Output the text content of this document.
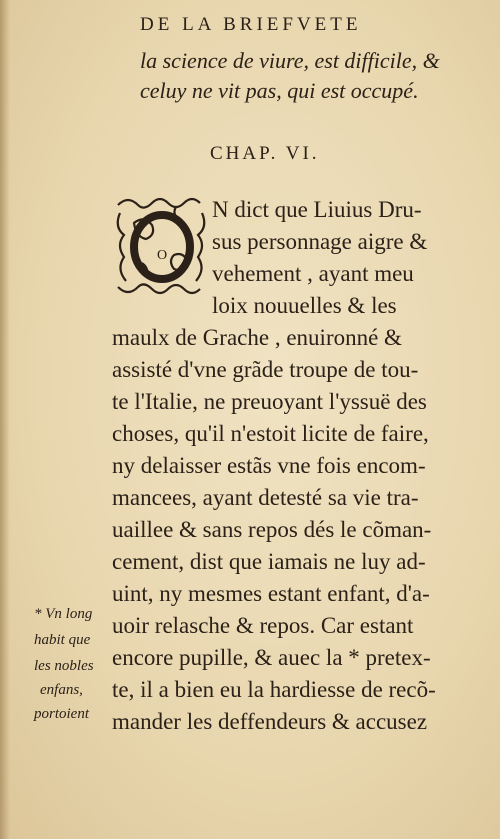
DE LA BRIEFVETE
la science de viure, est difficile, &
celuy ne vit pas, qui est occupé.
CHAP. VI.
O
N dict que Liuius Dru-
sus personnage aigre &
vehement , ayant meu
loix nouuelles & les
maulx de Grache , enuironné &
assisté d'vne grãde troupe de tou-
te l'Italie, ne preuoyant l'yssuë des
choses, qu'il n'estoit licite de faire,
ny delaisser estãs vne fois encom-
mancees, ayant detesté sa vie tra-
uaillee & sans repos dés le cõman-
cement, dist que iamais ne luy ad-
uint, ny mesmes estant enfant, d'a-
uoir relasche & repos. Car estant
encore pupille, & auec la * pretex-
te, il a bien eu la hardiesse de recõ-
mander les deffendeurs & accusez
* Vn long
habit que
les nobles
enfans,
portoient
